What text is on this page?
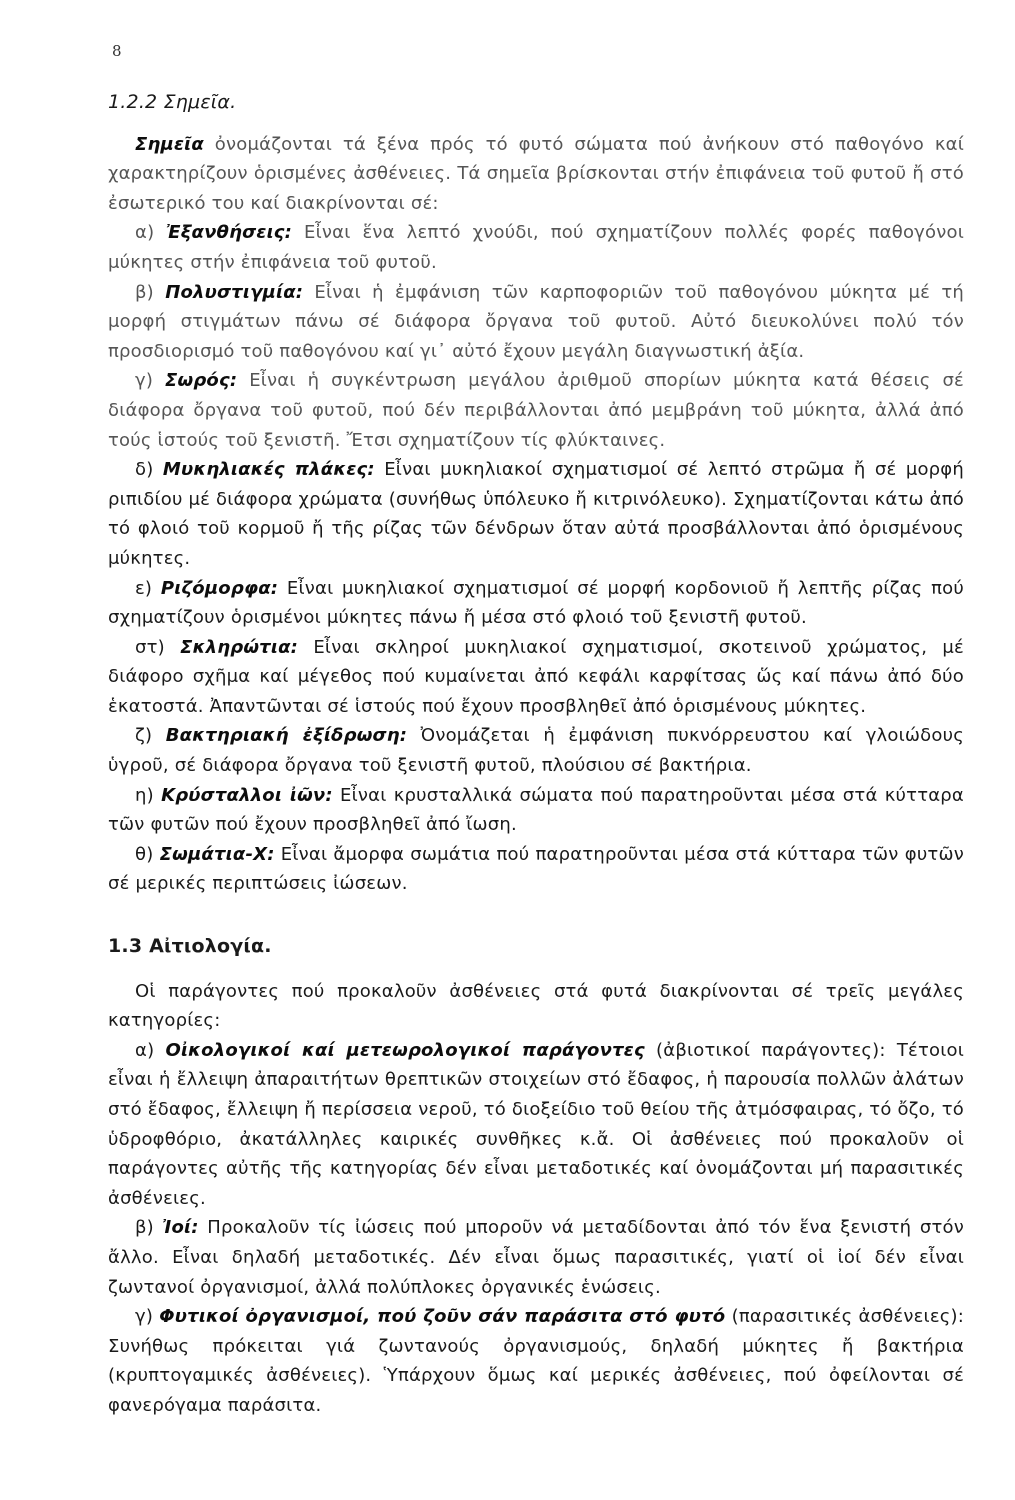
8

1.2.2 Σημεῖα.

Σημεῖα ὀνομάζονται τά ξένα πρός τό φυτό σώματα πού ἀνήκουν στό παθογόνο καί χαρακτηρίζουν ὁρισμένες ἀσθένειες. Τά σημεῖα βρίσκονται στήν ἐπιφάνεια τοῦ φυτοῦ ἤ στό ἐσωτερικό του καί διακρίνονται σέ:

α) Ἐξανθήσεις: Εἶναι ἕνα λεπτό χνούδι, πού σχηματίζουν πολλές φορές παθογόνοι μύκητες στήν ἐπιφάνεια τοῦ φυτοῦ.

β) Πολυστιγμία: Εἶναι ἡ ἐμφάνιση τῶν καρποφοριῶν τοῦ παθογόνου μύκητα μέ τή μορφή στιγμάτων πάνω σέ διάφορα ὄργανα τοῦ φυτοῦ. Αὐτό διευκολύνει πολύ τόν προσδιορισμό τοῦ παθογόνου καί γι᾽ αὐτό ἔχουν μεγάλη διαγνωστική ἀξία.

γ) Σωρός: Εἶναι ἡ συγκέντρωση μεγάλου ἀριθμοῦ σπορίων μύκητα κατά θέσεις σέ διάφορα ὄργανα τοῦ φυτοῦ, πού δέν περιβάλλονται ἀπό μεμβράνη τοῦ μύκητα, ἀλλά ἀπό τούς ἱστούς τοῦ ξενιστῆ. Ἔτσι σχηματίζουν τίς φλύκταινες.

δ) Μυκηλιακές πλάκες: Εἶναι μυκηλιακοί σχηματισμοί σέ λεπτό στρῶμα ἤ σέ μορφή ριπιδίου μέ διάφορα χρώματα (συνήθως ὑπόλευκο ἤ κιτρινόλευκο). Σχηματίζονται κάτω ἀπό τό φλοιό τοῦ κορμοῦ ἤ τῆς ρίζας τῶν δένδρων ὅταν αὐτά προσβάλλονται ἀπό ὁρισμένους μύκητες.

ε) Ριζόμορφα: Εἶναι μυκηλιακοί σχηματισμοί σέ μορφή κορδονιοῦ ἤ λεπτῆς ρίζας πού σχηματίζουν ὁρισμένοι μύκητες πάνω ἤ μέσα στό φλοιό τοῦ ξενιστῆ φυτοῦ.

στ) Σκληρώτια: Εἶναι σκληροί μυκηλιακοί σχηματισμοί, σκοτεινοῦ χρώματος, μέ διάφορο σχῆμα καί μέγεθος πού κυμαίνεται ἀπό κεφάλι καρφίτσας ὥς καί πάνω ἀπό δύο ἑκατοστά. Ἀπαντῶνται σέ ἱστούς πού ἔχουν προσβληθεῖ ἀπό ὁρισμένους μύκητες.

ζ) Βακτηριακή ἐξίδρωση: Ὀνομάζεται ἡ ἐμφάνιση πυκνόρρευστου καί γλοιώδους ὑγροῦ, σέ διάφορα ὄργανα τοῦ ξενιστῆ φυτοῦ, πλούσιου σέ βακτήρια.

η) Κρύσταλλοι ἰῶν: Εἶναι κρυσταλλικά σώματα πού παρατηροῦνται μέσα στά κύτταρα τῶν φυτῶν πού ἔχουν προσβληθεῖ ἀπό ἴωση.

θ) Σωμάτια-Χ: Εἶναι ἄμορφα σωμάτια πού παρατηροῦνται μέσα στά κύτταρα τῶν φυτῶν σέ μερικές περιπτώσεις ἰώσεων.

1.3 Αἰτιολογία.

Οἱ παράγοντες πού προκαλοῦν ἀσθένειες στά φυτά διακρίνονται σέ τρεῖς μεγάλες κατηγορίες:

α) Οἰκολογικοί καί μετεωρολογικοί παράγοντες (ἀβιοτικοί παράγοντες): Τέτοιοι εἶναι ἡ ἔλλειψη ἀπαραιτήτων θρεπτικῶν στοιχείων στό ἔδαφος, ἡ παρουσία πολλῶν ἀλάτων στό ἔδαφος, ἔλλειψη ἤ περίσσεια νεροῦ, τό διοξείδιο τοῦ θείου τῆς ἀτμόσφαιρας, τό ὄζο, τό ὑδροφθόριο, ἀκατάλληλες καιρικές συνθῆκες κ.ἄ. Οἱ ἀσθένειες πού προκαλοῦν οἱ παράγοντες αὐτῆς τῆς κατηγορίας δέν εἶναι μεταδοτικές καί ὀνομάζονται μή παρασιτικές ἀσθένειες.

β) Ἰοί: Προκαλοῦν τίς ἰώσεις πού μποροῦν νά μεταδίδονται ἀπό τόν ἕνα ξενιστή στόν ἄλλο. Εἶναι δηλαδή μεταδοτικές. Δέν εἶναι ὅμως παρασιτικές, γιατί οἱ ἰοί δέν εἶναι ζωντανοί ὀργανισμοί, ἀλλά πολύπλοκες ὀργανικές ἑνώσεις.

γ) Φυτικοί ὀργανισμοί, πού ζοῦν σάν παράσιτα στό φυτό (παρασιτικές ἀσθένειες): Συνήθως πρόκειται γιά ζωντανούς ὀργανισμούς, δηλαδή μύκητες ἤ βακτήρια (κρυπτογαμικές ἀσθένειες). Ὑπάρχουν ὅμως καί μερικές ἀσθένειες, πού ὀφείλονται σέ φανερόγαμα παράσιτα.
